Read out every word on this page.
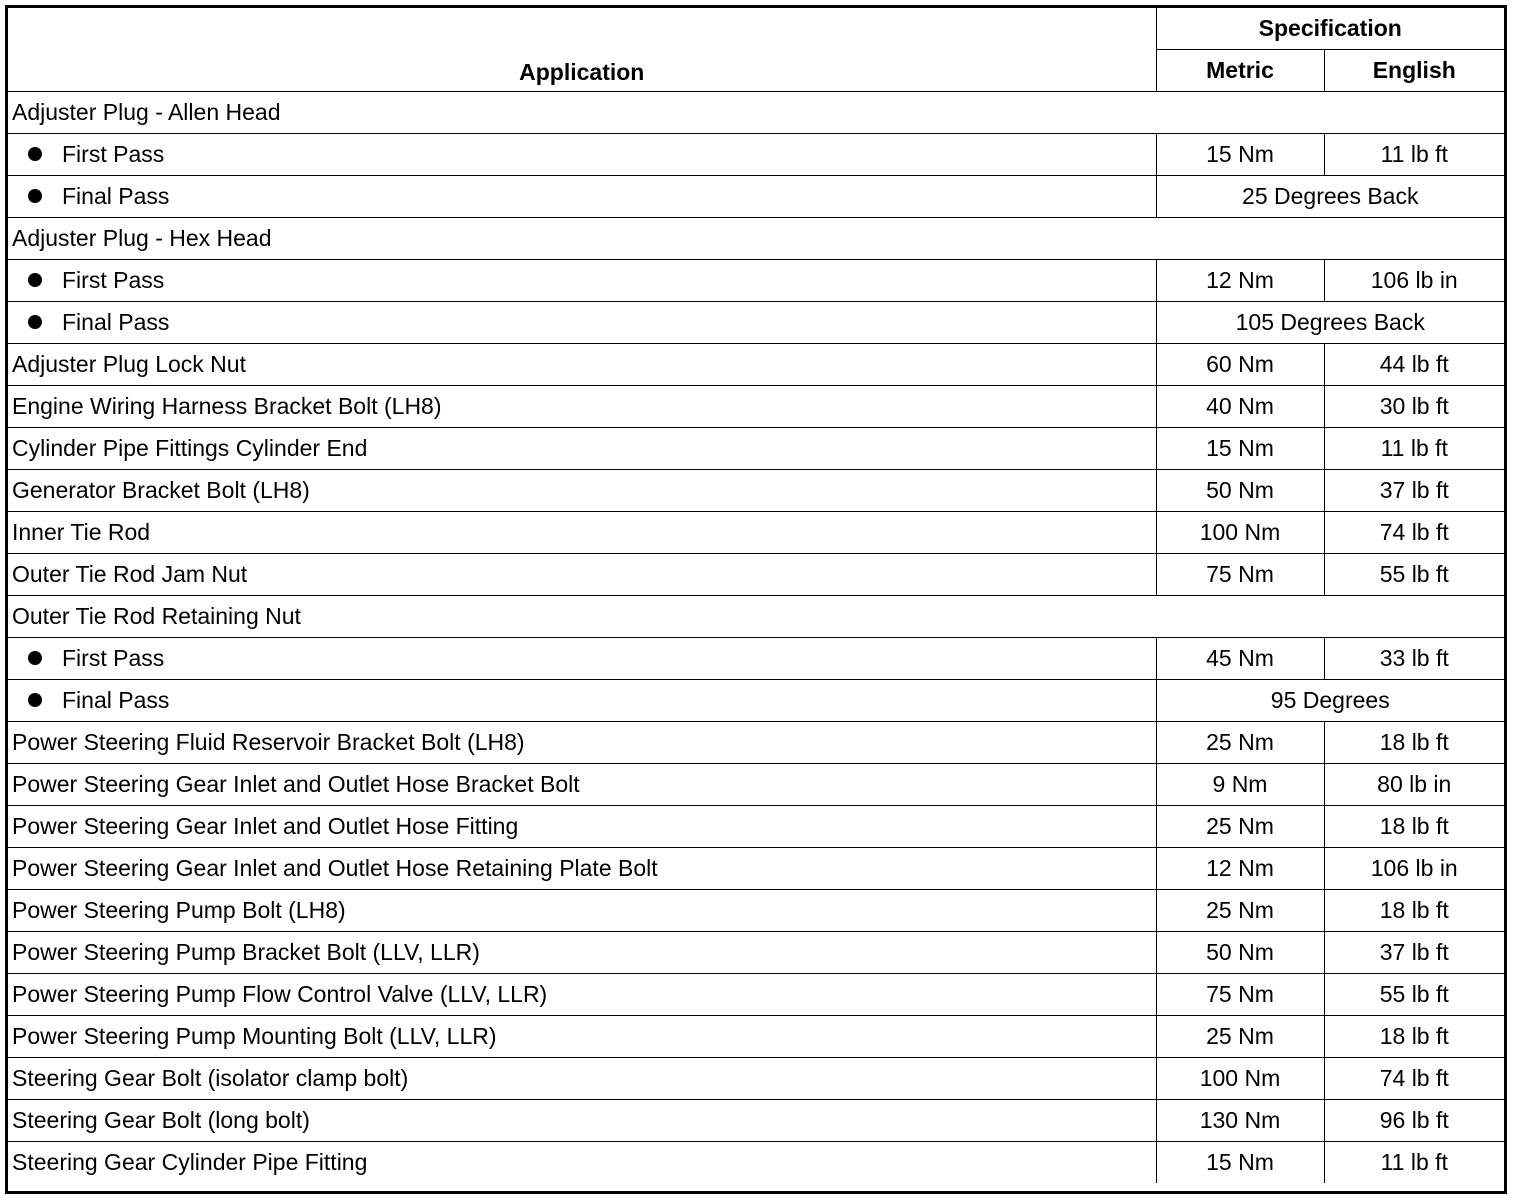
Application	Specification	
	Metric	English
Adjuster Plug - Allen Head		
First Pass	15 Nm	11 lb ft
Final Pass	25 Degrees Back	
Adjuster Plug - Hex Head		
First Pass	12 Nm	106 lb in
Final Pass	105 Degrees Back	
Adjuster Plug Lock Nut	60 Nm	44 lb ft
Engine Wiring Harness Bracket Bolt (LH8)	40 Nm	30 lb ft
Cylinder Pipe Fittings Cylinder End	15 Nm	11 lb ft
Generator Bracket Bolt (LH8)	50 Nm	37 lb ft
Inner Tie Rod	100 Nm	74 lb ft
Outer Tie Rod Jam Nut	75 Nm	55 lb ft
Outer Tie Rod Retaining Nut		
First Pass	45 Nm	33 lb ft
Final Pass	95 Degrees	
Power Steering Fluid Reservoir Bracket Bolt (LH8)	25 Nm	18 lb ft
Power Steering Gear Inlet and Outlet Hose Bracket Bolt	9 Nm	80 lb in
Power Steering Gear Inlet and Outlet Hose Fitting	25 Nm	18 lb ft
Power Steering Gear Inlet and Outlet Hose Retaining Plate Bolt	12 Nm	106 lb in
Power Steering Pump Bolt (LH8)	25 Nm	18 lb ft
Power Steering Pump Bracket Bolt (LLV, LLR)	50 Nm	37 lb ft
Power Steering Pump Flow Control Valve (LLV, LLR)	75 Nm	55 lb ft
Power Steering Pump Mounting Bolt (LLV, LLR)	25 Nm	18 lb ft
Steering Gear Bolt (isolator clamp bolt)	100 Nm	74 lb ft
Steering Gear Bolt (long bolt)	130 Nm	96 lb ft
Steering Gear Cylinder Pipe Fitting	15 Nm	11 lb ft
